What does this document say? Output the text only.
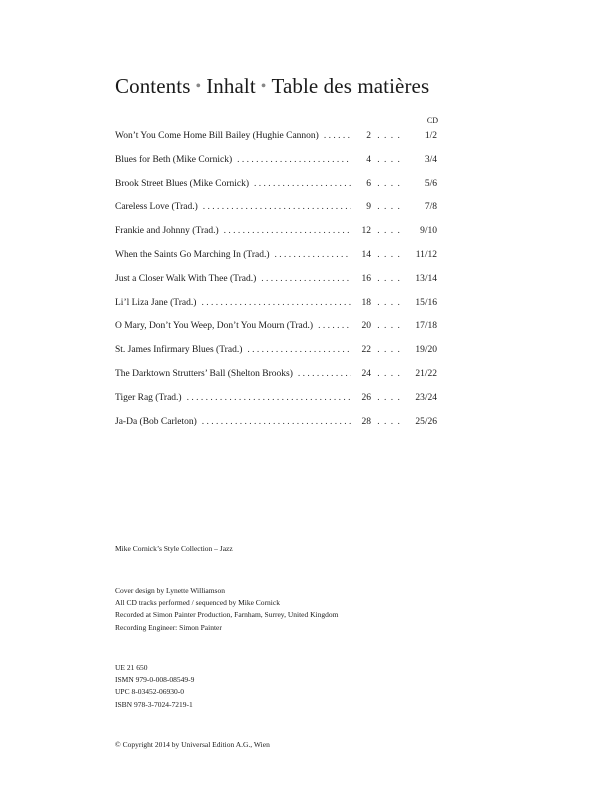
Contents • Inhalt • Table des matières
CD
Won’t You Come Home Bill Bailey (Hughie Cannon) . . .	2 . . . .	1/2
Blues for Beth (Mike Cornick) . . .	4 . . . .	3/4
Brook Street Blues (Mike Cornick) . . .	6 . . . .	5/6
Careless Love (Trad.) . . .	9 . . . .	7/8
Frankie and Johnny (Trad.) . . .	12 . . . .	9/10
When the Saints Go Marching In (Trad.) . . .	14 . . . .	11/12
Just a Closer Walk With Thee (Trad.) . . .	16 . . . .	13/14
Li’l Liza Jane (Trad.) . . .	18 . . . .	15/16
O Mary, Don’t You Weep, Don’t You Mourn (Trad.) . . .	20 . . . .	17/18
St. James Infirmary Blues (Trad.) . . .	22 . . . .	19/20
The Darktown Strutters’ Ball (Shelton Brooks) . . .	24 . . . .	21/22
Tiger Rag (Trad.) . . .	26 . . . .	23/24
Ja-Da (Bob Carleton) . . .	28 . . . .	25/26
Mike Cornick’s Style Collection – Jazz
Cover design by Lynette Williamson
All CD tracks performed / sequenced by Mike Cornick
Recorded at Simon Painter Production, Farnham, Surrey, United Kingdom
Recording Engineer: Simon Painter
UE 21 650
ISMN 979-0-008-08549-9
UPC 8-03452-06930-0
ISBN 978-3-7024-7219-1
© Copyright 2014 by Universal Edition A.G., Wien
